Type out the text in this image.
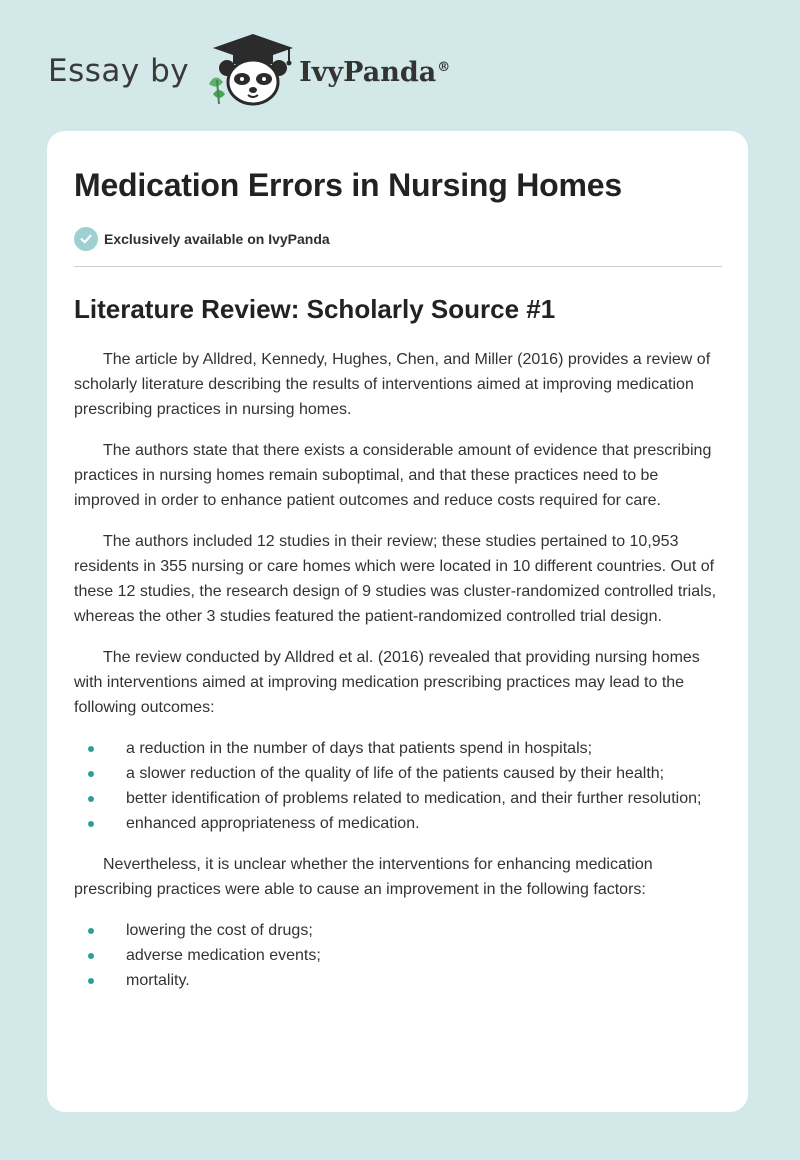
Essay by	IvyPanda®
Medication Errors in Nursing Homes
Exclusively available on IvyPanda
Literature Review: Scholarly Source #1

The article by Alldred, Kennedy, Hughes, Chen, and Miller (2016) provides a review of scholarly literature describing the results of interventions aimed at improving medication prescribing practices in nursing homes.

The authors state that there exists a considerable amount of evidence that prescribing practices in nursing homes remain suboptimal, and that these practices need to be improved in order to enhance patient outcomes and reduce costs required for care.

The authors included 12 studies in their review; these studies pertained to 10,953 residents in 355 nursing or care homes which were located in 10 different countries. Out of these 12 studies, the research design of 9 studies was cluster-randomized controlled trials, whereas the other 3 studies featured the patient-randomized controlled trial design.

The review conducted by Alldred et al. (2016) revealed that providing nursing homes with interventions aimed at improving medication prescribing practices may lead to the following outcomes:

a reduction in the number of days that patients spend in hospitals;
a slower reduction of the quality of life of the patients caused by their health;
better identification of problems related to medication, and their further resolution;
enhanced appropriateness of medication.

Nevertheless, it is unclear whether the interventions for enhancing medication prescribing practices were able to cause an improvement in the following factors:

lowering the cost of drugs;
adverse medication events;
mortality.
